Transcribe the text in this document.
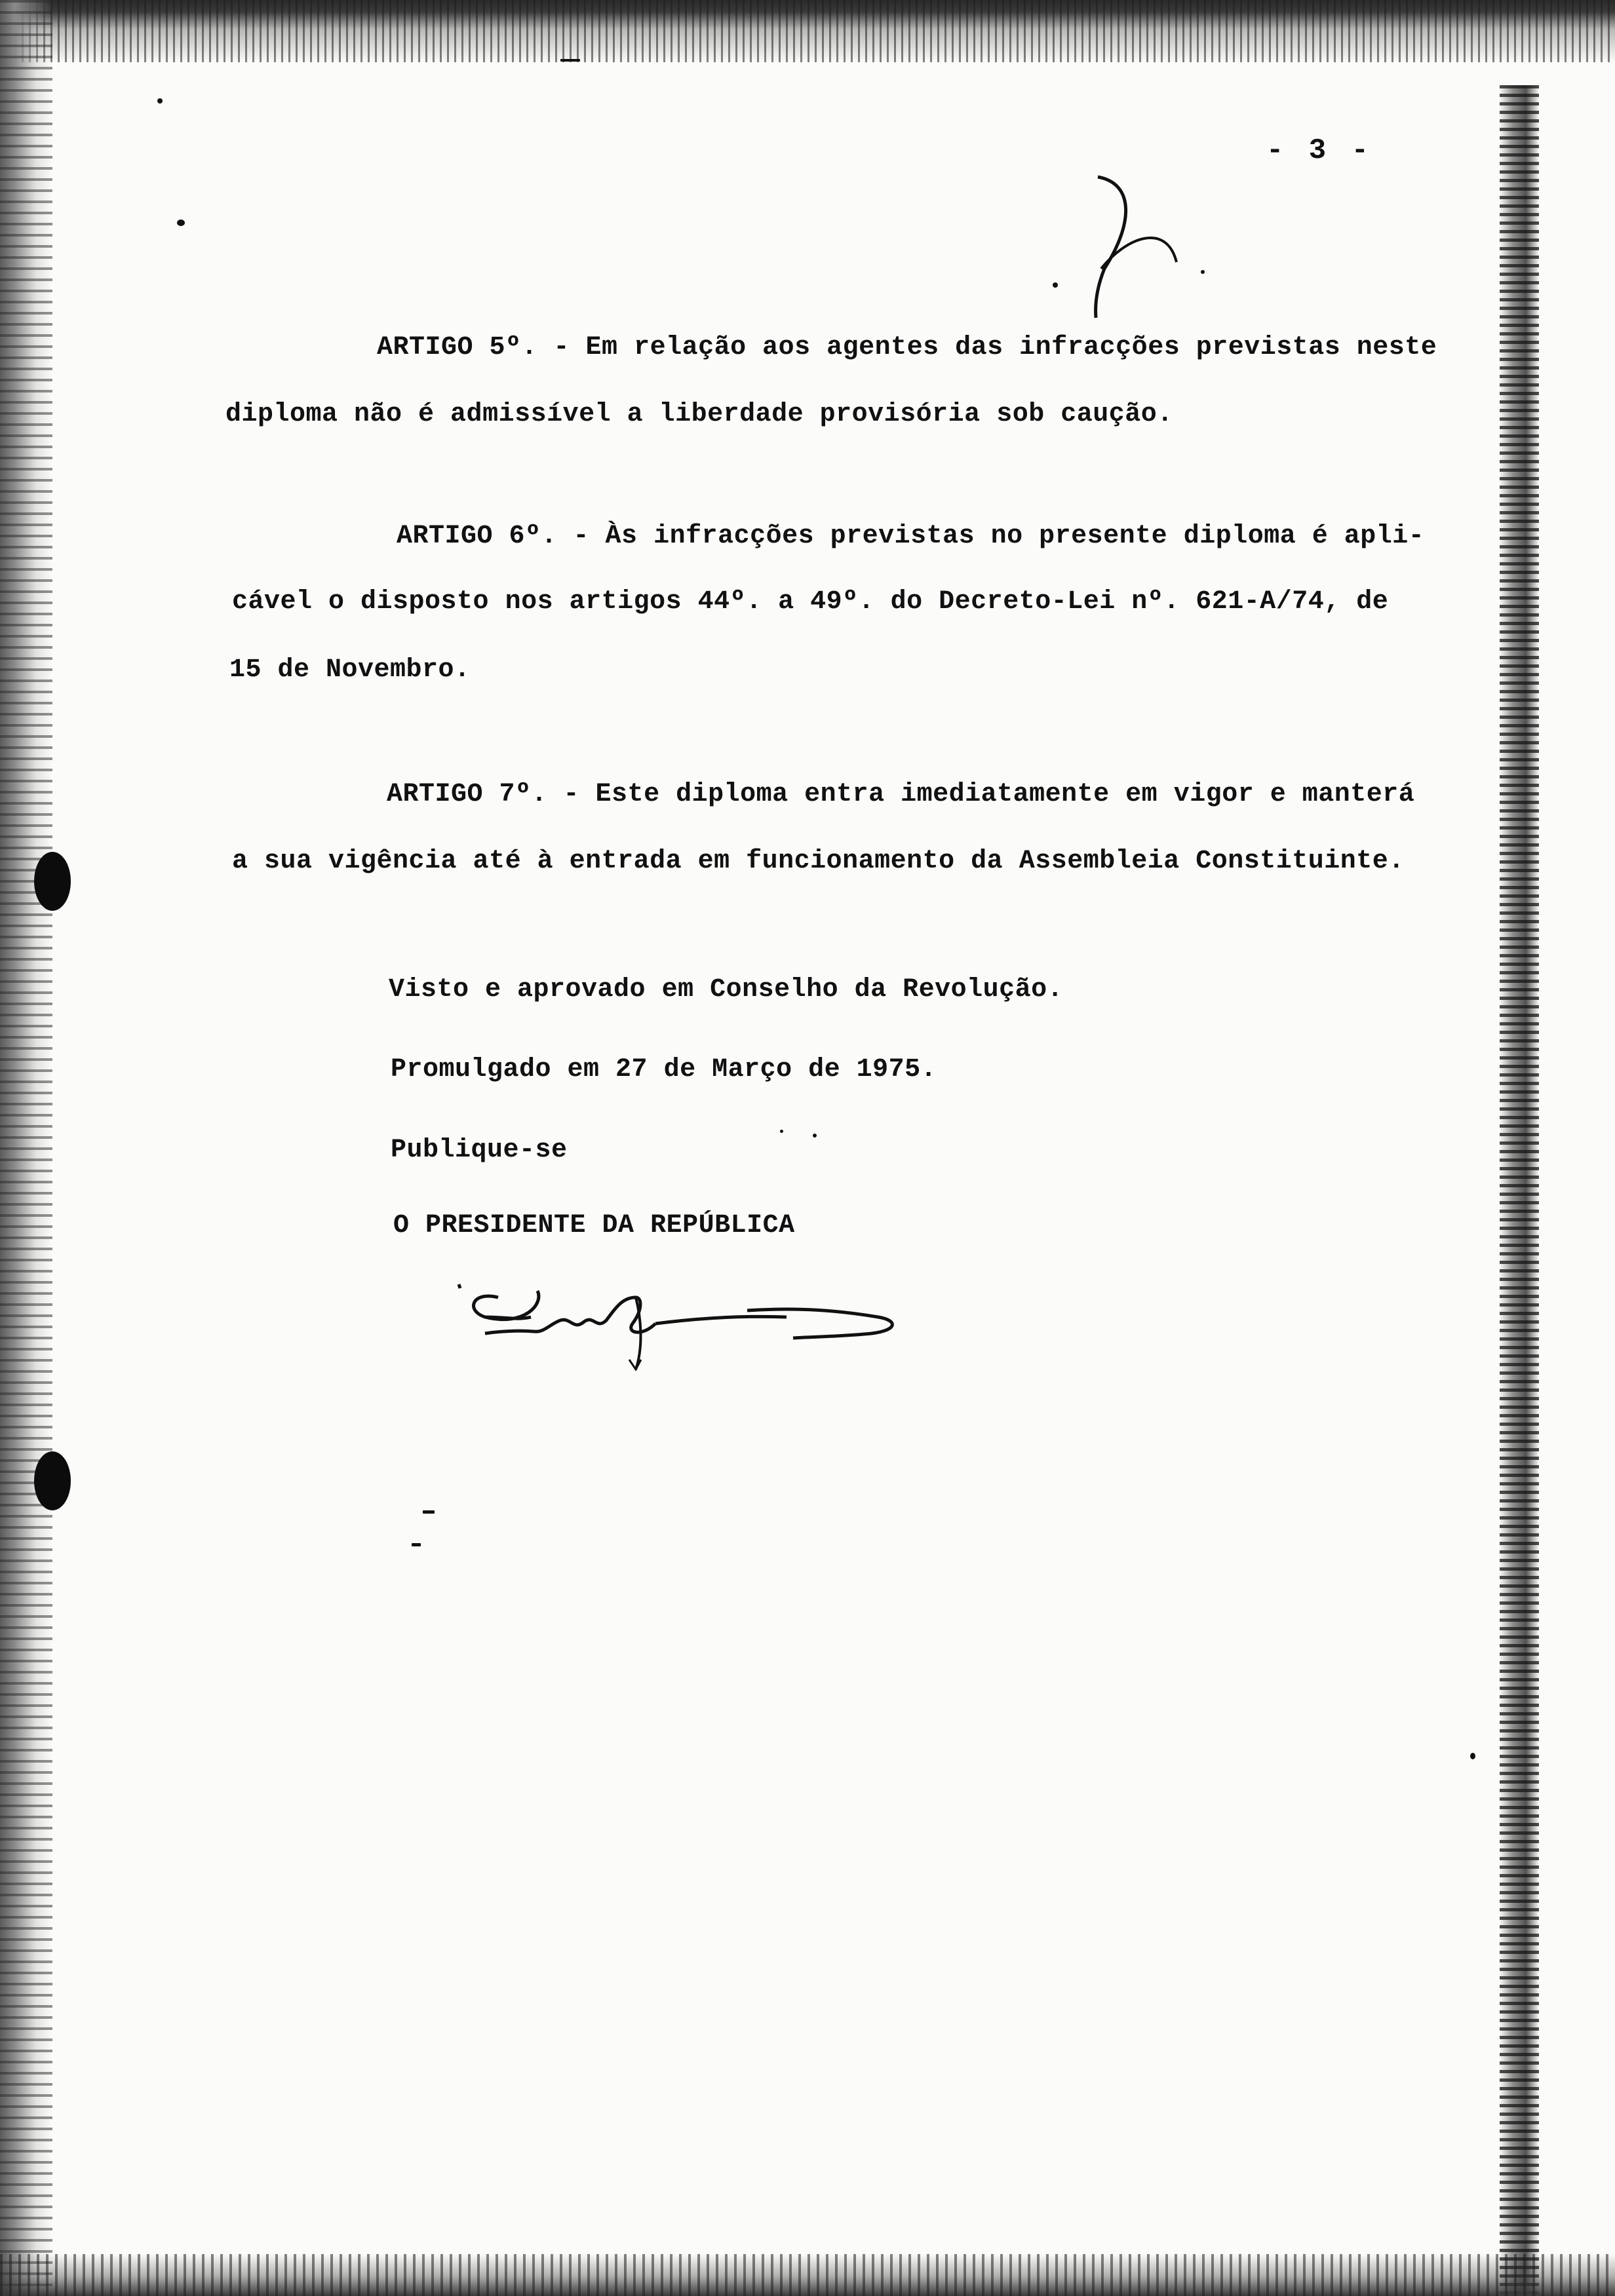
- 3 -
ARTIGO 5º. - Em relação aos agentes das infracções previstas neste
diploma não é admissível a liberdade provisória sob caução.
ARTIGO 6º. - Às infracções previstas no presente diploma é apli-
cável o disposto nos artigos 44º. a 49º. do Decreto-Lei nº. 621-A/74, de
15 de Novembro.
ARTIGO 7º. - Este diploma entra imediatamente em vigor e manterá
a sua vigência até à entrada em funcionamento da Assembleia Constituinte.
Visto e aprovado em Conselho da Revolução.
Promulgado em 27 de Março de 1975.
Publique-se
O PRESIDENTE DA REPÚBLICA
